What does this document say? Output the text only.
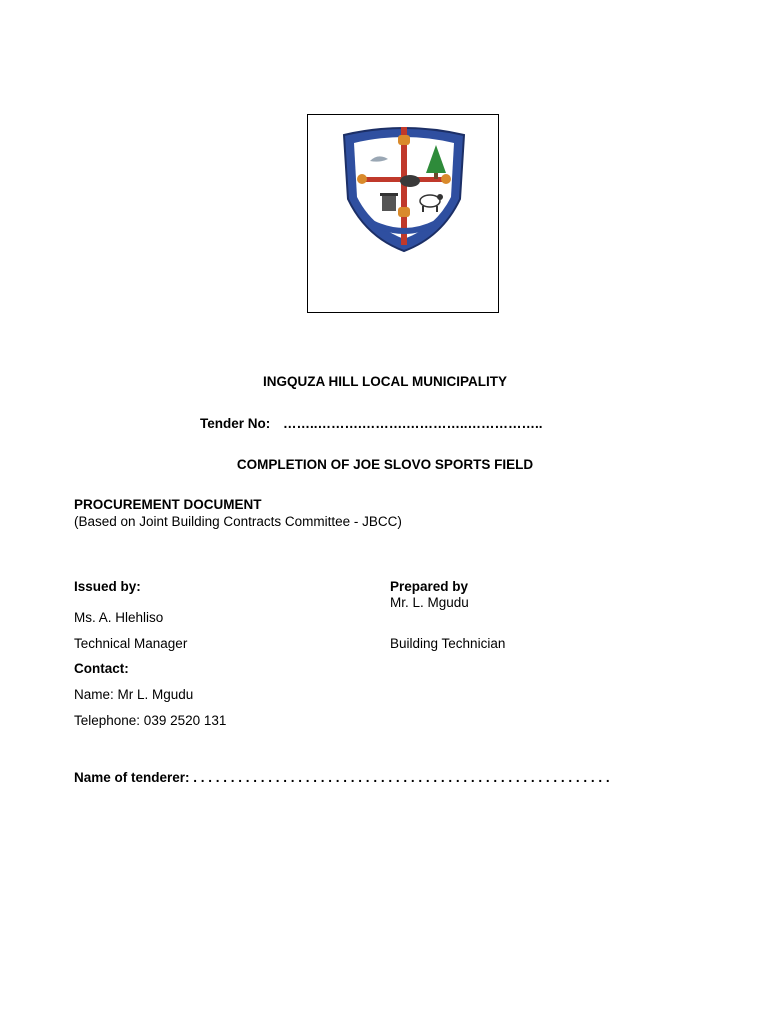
INGQUZA HILL LOCAL MUNICIPALITY
Tender No: ……..……….……….…………..……………..
COMPLETION OF JOE SLOVO SPORTS FIELD
PROCUREMENT DOCUMENT
(Based on Joint Building Contracts Committee - JBCC)
Issued by:
Ms. A. Hlehliso
Technical Manager
Prepared by
Mr. L. Mgudu
Building Technician
Contact:
Name: Mr L. Mgudu
Telephone: 039 2520 131
Name of tenderer: . . . . . . . . . . . . . . . . . . . . . . . . . . . . . . . . . . . . . . . . . . . . . . . . . . . . . . . .
